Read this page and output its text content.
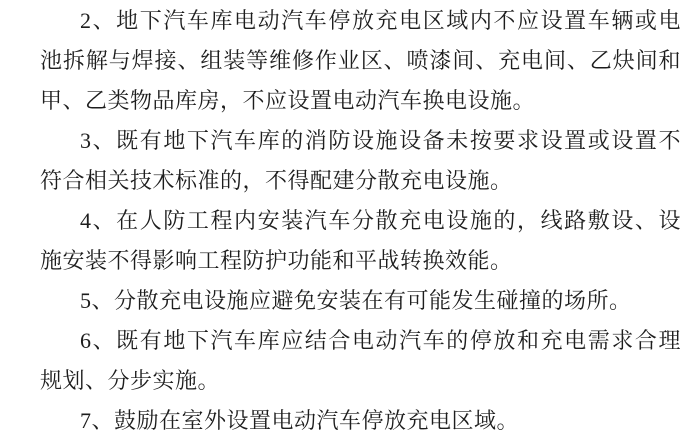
2、地下汽车库电动汽车停放充电区域内不应设置车辆或电
池拆解与焊接、组装等维修作业区、喷漆间、充电间、乙炔间和
甲、乙类物品库房，不应设置电动汽车换电设施。
3、既有地下汽车库的消防设施设备未按要求设置或设置不
符合相关技术标准的，不得配建分散充电设施。
4、在人防工程内安装汽车分散充电设施的，线路敷设、设
施安装不得影响工程防护功能和平战转换效能。
5、分散充电设施应避免安装在有可能发生碰撞的场所。
6、既有地下汽车库应结合电动汽车的停放和充电需求合理
规划、分步实施。
7、鼓励在室外设置电动汽车停放充电区域。
